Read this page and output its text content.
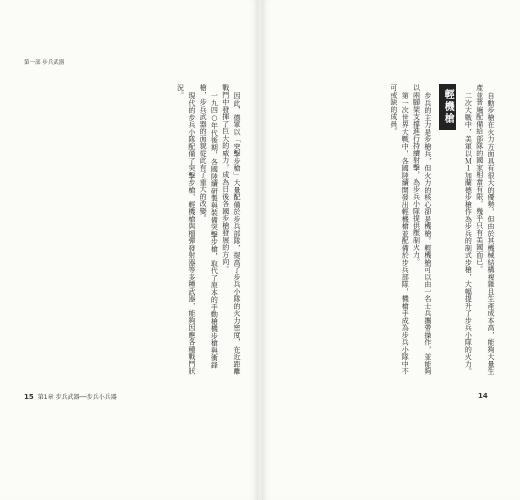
第一部 步兵武器

因此，德軍以「突擊步槍」大量配備於步兵部隊，提高了步兵小隊的火力密度，在近距離戰鬥中發揮了巨大的威力，成為日後各國步槍發展的方向。

一九四○年代後期，各國陸續研製與裝備突擊步槍，取代了原本的手動槍機步槍與衝鋒槍，步兵武器的面貌從此有了重大的改變。

現代的步兵小隊配備了突擊步槍、輕機槍與榴彈發射器等多種武器，能夠因應各種戰鬥狀況。

自動步槍在火力方面具有很大的優勢，但由於其機械結構複雜且生產成本高，能夠大量生產並普遍配備給部隊的國家相當有限，幾乎只有美國而已。

二次大戰中，美軍以Ｍ１加蘭德步槍作為步兵的制式步槍，大幅提升了步兵小隊的火力。

輕機槍

步兵的主力是步槍兵，但火力的核心卻是機槍。輕機槍可以由一名士兵攜帶操作，並能夠以兩腳架支撐進行持續射擊，為步兵小隊提供壓制火力。

第一次世界大戰中，各國陸續開發出輕機槍並配備於步兵部隊，機槍手成為步兵小隊中不可或缺的成員。

15 第1章 步兵武器──步兵小兵器	14
